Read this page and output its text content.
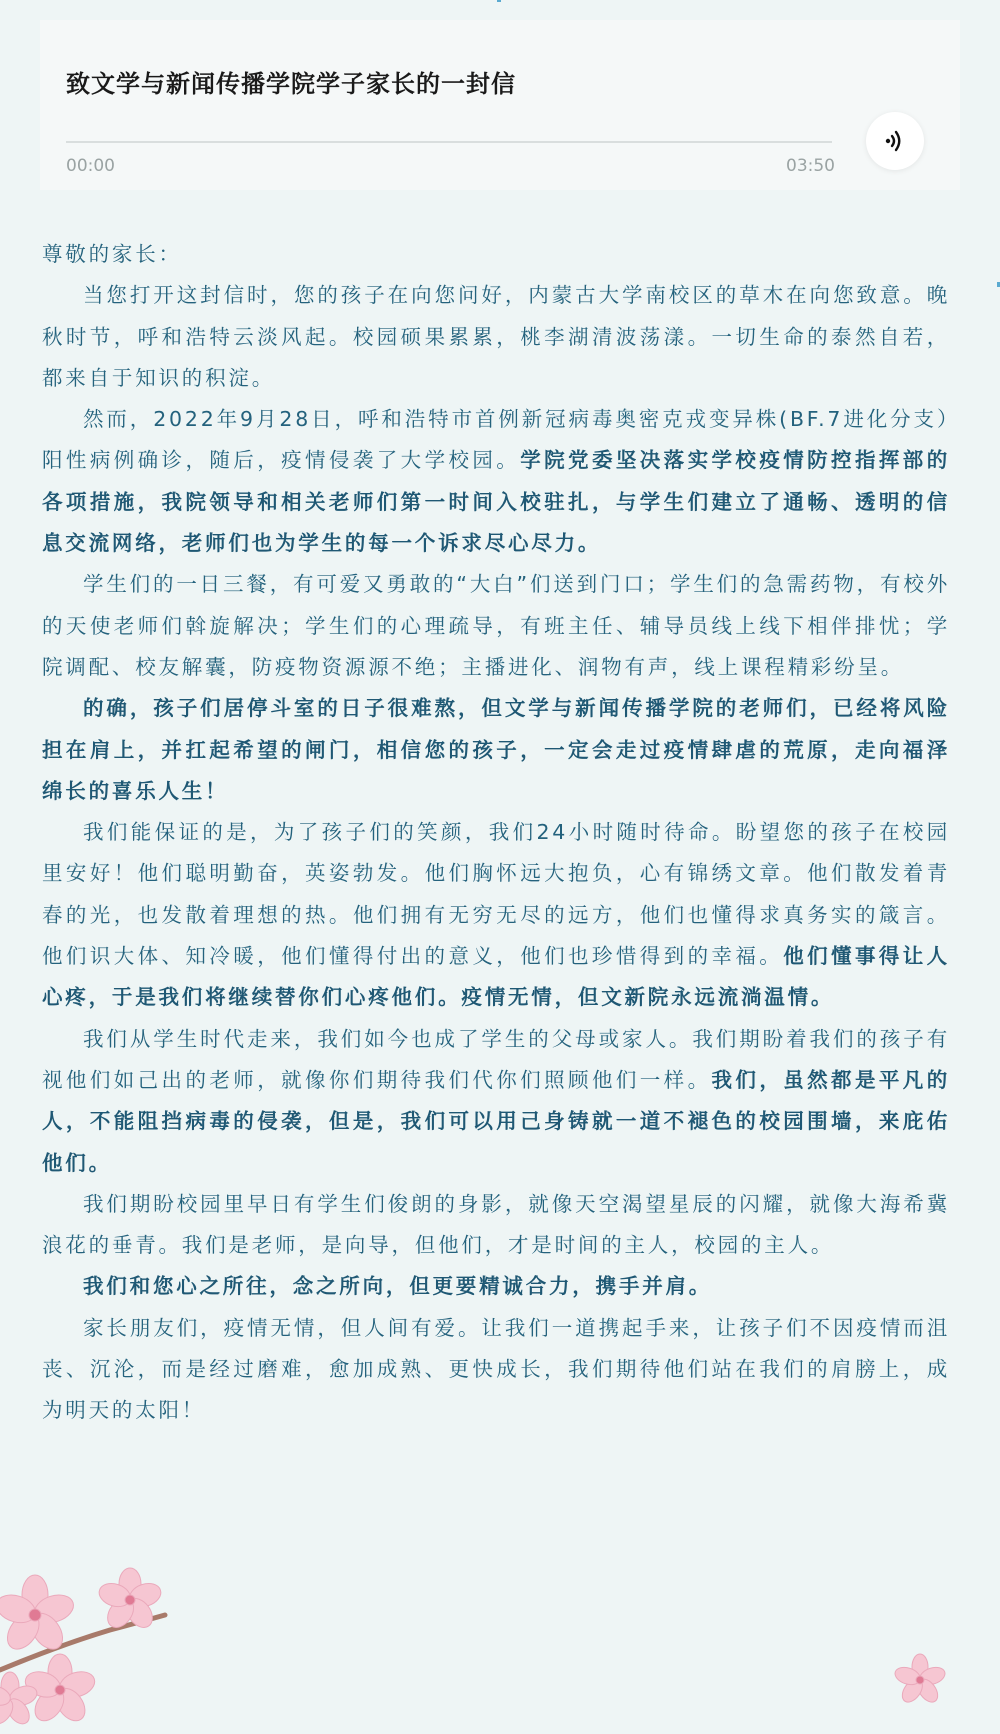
致文学与新闻传播学院学子家长的一封信
00:00	03:50

尊敬的家长：

当您打开这封信时，您的孩子在向您问好，内蒙古大学南校区的草木在向您致意。晚秋时节，呼和浩特云淡风起。校园硕果累累，桃李湖清波荡漾。一切生命的泰然自若，都来自于知识的积淀。

然而，2022年9月28日，呼和浩特市首例新冠病毒奥密克戎变异株(BF.7进化分支）阳性病例确诊，随后，疫情侵袭了大学校园。学院党委坚决落实学校疫情防控指挥部的各项措施，我院领导和相关老师们第一时间入校驻扎，与学生们建立了通畅、透明的信息交流网络，老师们也为学生的每一个诉求尽心尽力。

学生们的一日三餐，有可爱又勇敢的“大白”们送到门口；学生们的急需药物，有校外的天使老师们斡旋解决；学生们的心理疏导，有班主任、辅导员线上线下相伴排忧；学院调配、校友解囊，防疫物资源源不绝；主播进化、润物有声，线上课程精彩纷呈。

的确，孩子们居停斗室的日子很难熬，但文学与新闻传播学院的老师们，已经将风险担在肩上，并扛起希望的闸门，相信您的孩子，一定会走过疫情肆虐的荒原，走向福泽绵长的喜乐人生！

我们能保证的是，为了孩子们的笑颜，我们24小时随时待命。盼望您的孩子在校园里安好！他们聪明勤奋，英姿勃发。他们胸怀远大抱负，心有锦绣文章。他们散发着青春的光，也发散着理想的热。他们拥有无穷无尽的远方，他们也懂得求真务实的箴言。他们识大体、知冷暖，他们懂得付出的意义，他们也珍惜得到的幸福。他们懂事得让人心疼，于是我们将继续替你们心疼他们。疫情无情，但文新院永远流淌温情。

我们从学生时代走来，我们如今也成了学生的父母或家人。我们期盼着我们的孩子有视他们如己出的老师，就像你们期待我们代你们照顾他们一样。我们，虽然都是平凡的人，不能阻挡病毒的侵袭，但是，我们可以用己身铸就一道不褪色的校园围墙，来庇佑他们。

我们期盼校园里早日有学生们俊朗的身影，就像天空渴望星辰的闪耀，就像大海希冀浪花的垂青。我们是老师，是向导，但他们，才是时间的主人，校园的主人。

我们和您心之所往，念之所向，但更要精诚合力，携手并肩。

家长朋友们，疫情无情，但人间有爱。让我们一道携起手来，让孩子们不因疫情而沮丧、沉沦，而是经过磨难，愈加成熟、更快成长，我们期待他们站在我们的肩膀上，成为明天的太阳！
